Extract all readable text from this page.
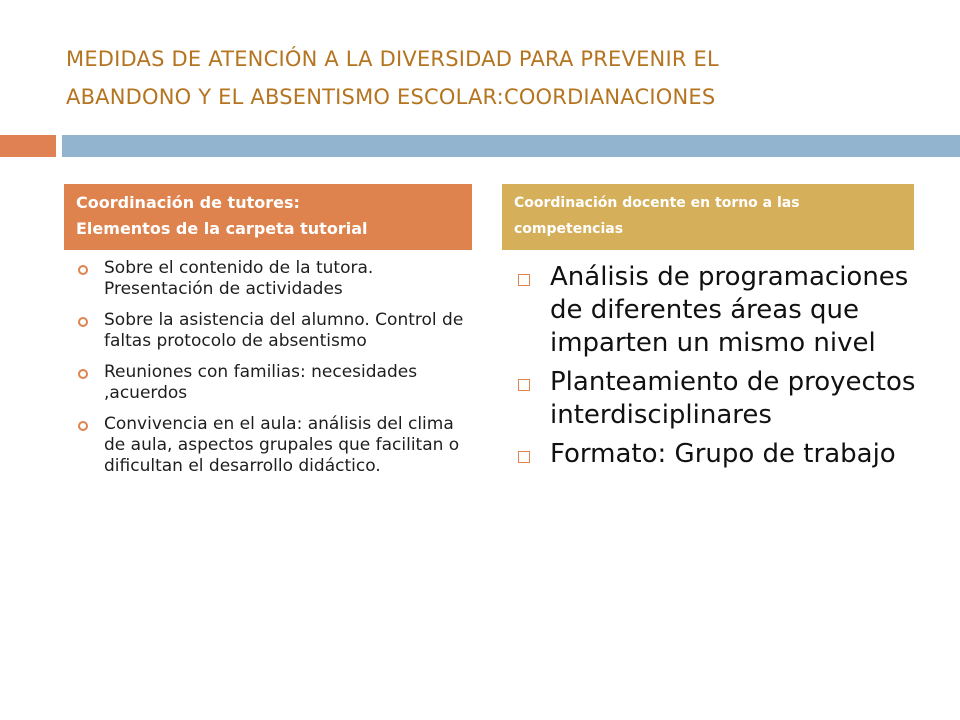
MEDIDAS DE ATENCIÓN A LA DIVERSIDAD PARA PREVENIR EL
ABANDONO Y EL ABSENTISMO ESCOLAR:COORDIANACIONES
Coordinación de tutores:
Elementos de la carpeta tutorial
Coordinación docente en torno a las competencias
Sobre el contenido de la tutora. Presentación de actividades
Sobre la asistencia del alumno. Control de faltas protocolo de absentismo
Reuniones con familias: necesidades ,acuerdos
Convivencia en el aula: análisis del clima de aula, aspectos grupales que facilitan o dificultan el desarrollo didáctico.
Análisis de programaciones de diferentes áreas que imparten un mismo nivel
Planteamiento de proyectos interdisciplinares
Formato: Grupo de trabajo
